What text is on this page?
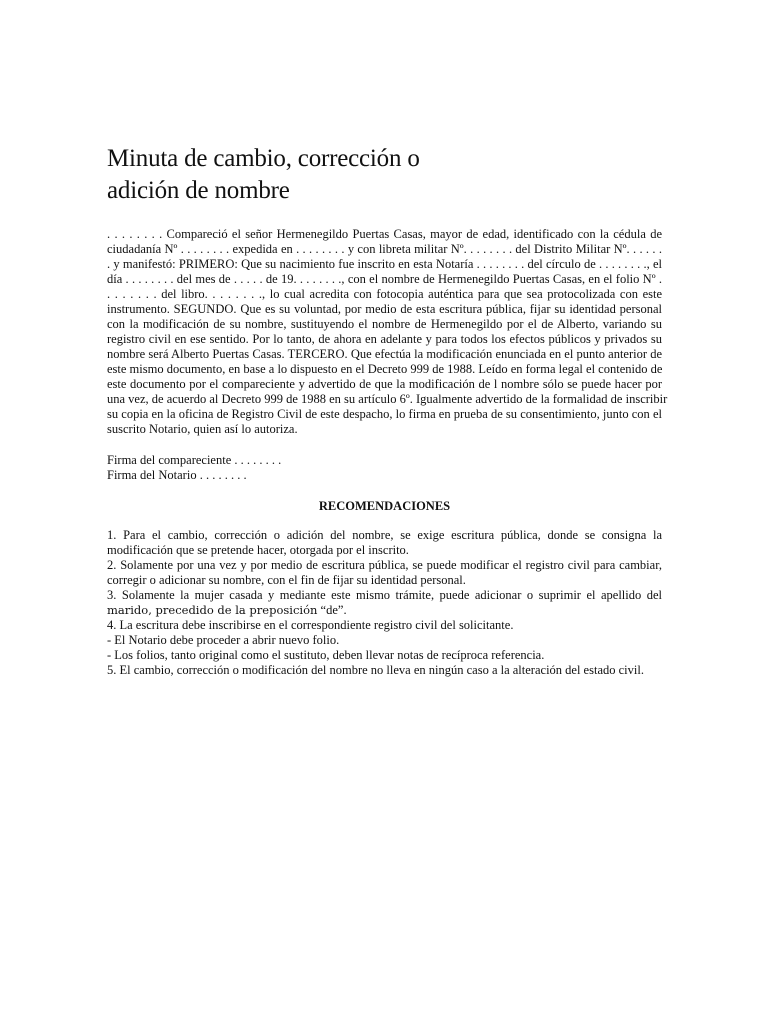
Minuta de cambio, corrección o
adición de nombre

. . . . . . . . Compareció el señor Hermenegildo Puertas Casas, mayor de edad, identificado con la cédula de
ciudadanía Nº . . . . . . . . expedida en . . . . . . . . y con libreta militar Nº. . . . . . . . del Distrito Militar Nº. . . . . .
. y manifestó: PRIMERO: Que su nacimiento fue inscrito en esta Notaría . . . . . . . . del círculo de . . . . . . . ., el
día . . . . . . . . del mes de . . . . . de 19. . . . . . . ., con el nombre de Hermenegildo Puertas Casas, en el folio Nº .
. . . . . . . del libro. . . . . . . ., lo cual acredita con fotocopia auténtica para que sea protocolizada con este
instrumento. SEGUNDO. Que es su voluntad, por medio de esta escritura pública, fijar su identidad personal
con la modificación de su nombre, sustituyendo el nombre de Hermenegildo por el de Alberto, variando su
registro civil en ese sentido. Por lo tanto, de ahora en adelante y para todos los efectos públicos y privados su
nombre será Alberto Puertas Casas. TERCERO. Que efectúa la modificación enunciada en el punto anterior de
este mismo documento, en base a lo dispuesto en el Decreto 999 de 1988. Leído en forma legal el contenido de
este documento por el compareciente y advertido de que la modificación de l nombre sólo se puede hacer por
una vez, de acuerdo al Decreto 999 de 1988 en su artículo 6º. Igualmente advertido de la formalidad de inscribir
su copia en la oficina de Registro Civil de este despacho, lo firma en prueba de su consentimiento, junto con el
suscrito Notario, quien así lo autoriza.

Firma del compareciente . . . . . . . .
Firma del Notario . . . . . . . .
RECOMENDACIONES
1. Para el cambio, corrección o adición del nombre, se exige escritura pública, donde se consigna la
modificación que se pretende hacer, otorgada por el inscrito.
2. Solamente por una vez y por medio de escritura pública, se puede modificar el registro civil para cambiar,
corregir o adicionar su nombre, con el fin de fijar su identidad personal.
3. Solamente la mujer casada y mediante este mismo trámite, puede adicionar o suprimir el apellido del
marido, precedido de la preposición “de”.
4. La escritura debe inscribirse en el correspondiente registro civil del solicitante.
- El Notario debe proceder a abrir nuevo folio.
- Los folios, tanto original como el sustituto, deben llevar notas de recíproca referencia.
5. El cambio, corrección o modificación del nombre no lleva en ningún caso a la alteración del estado civil.
